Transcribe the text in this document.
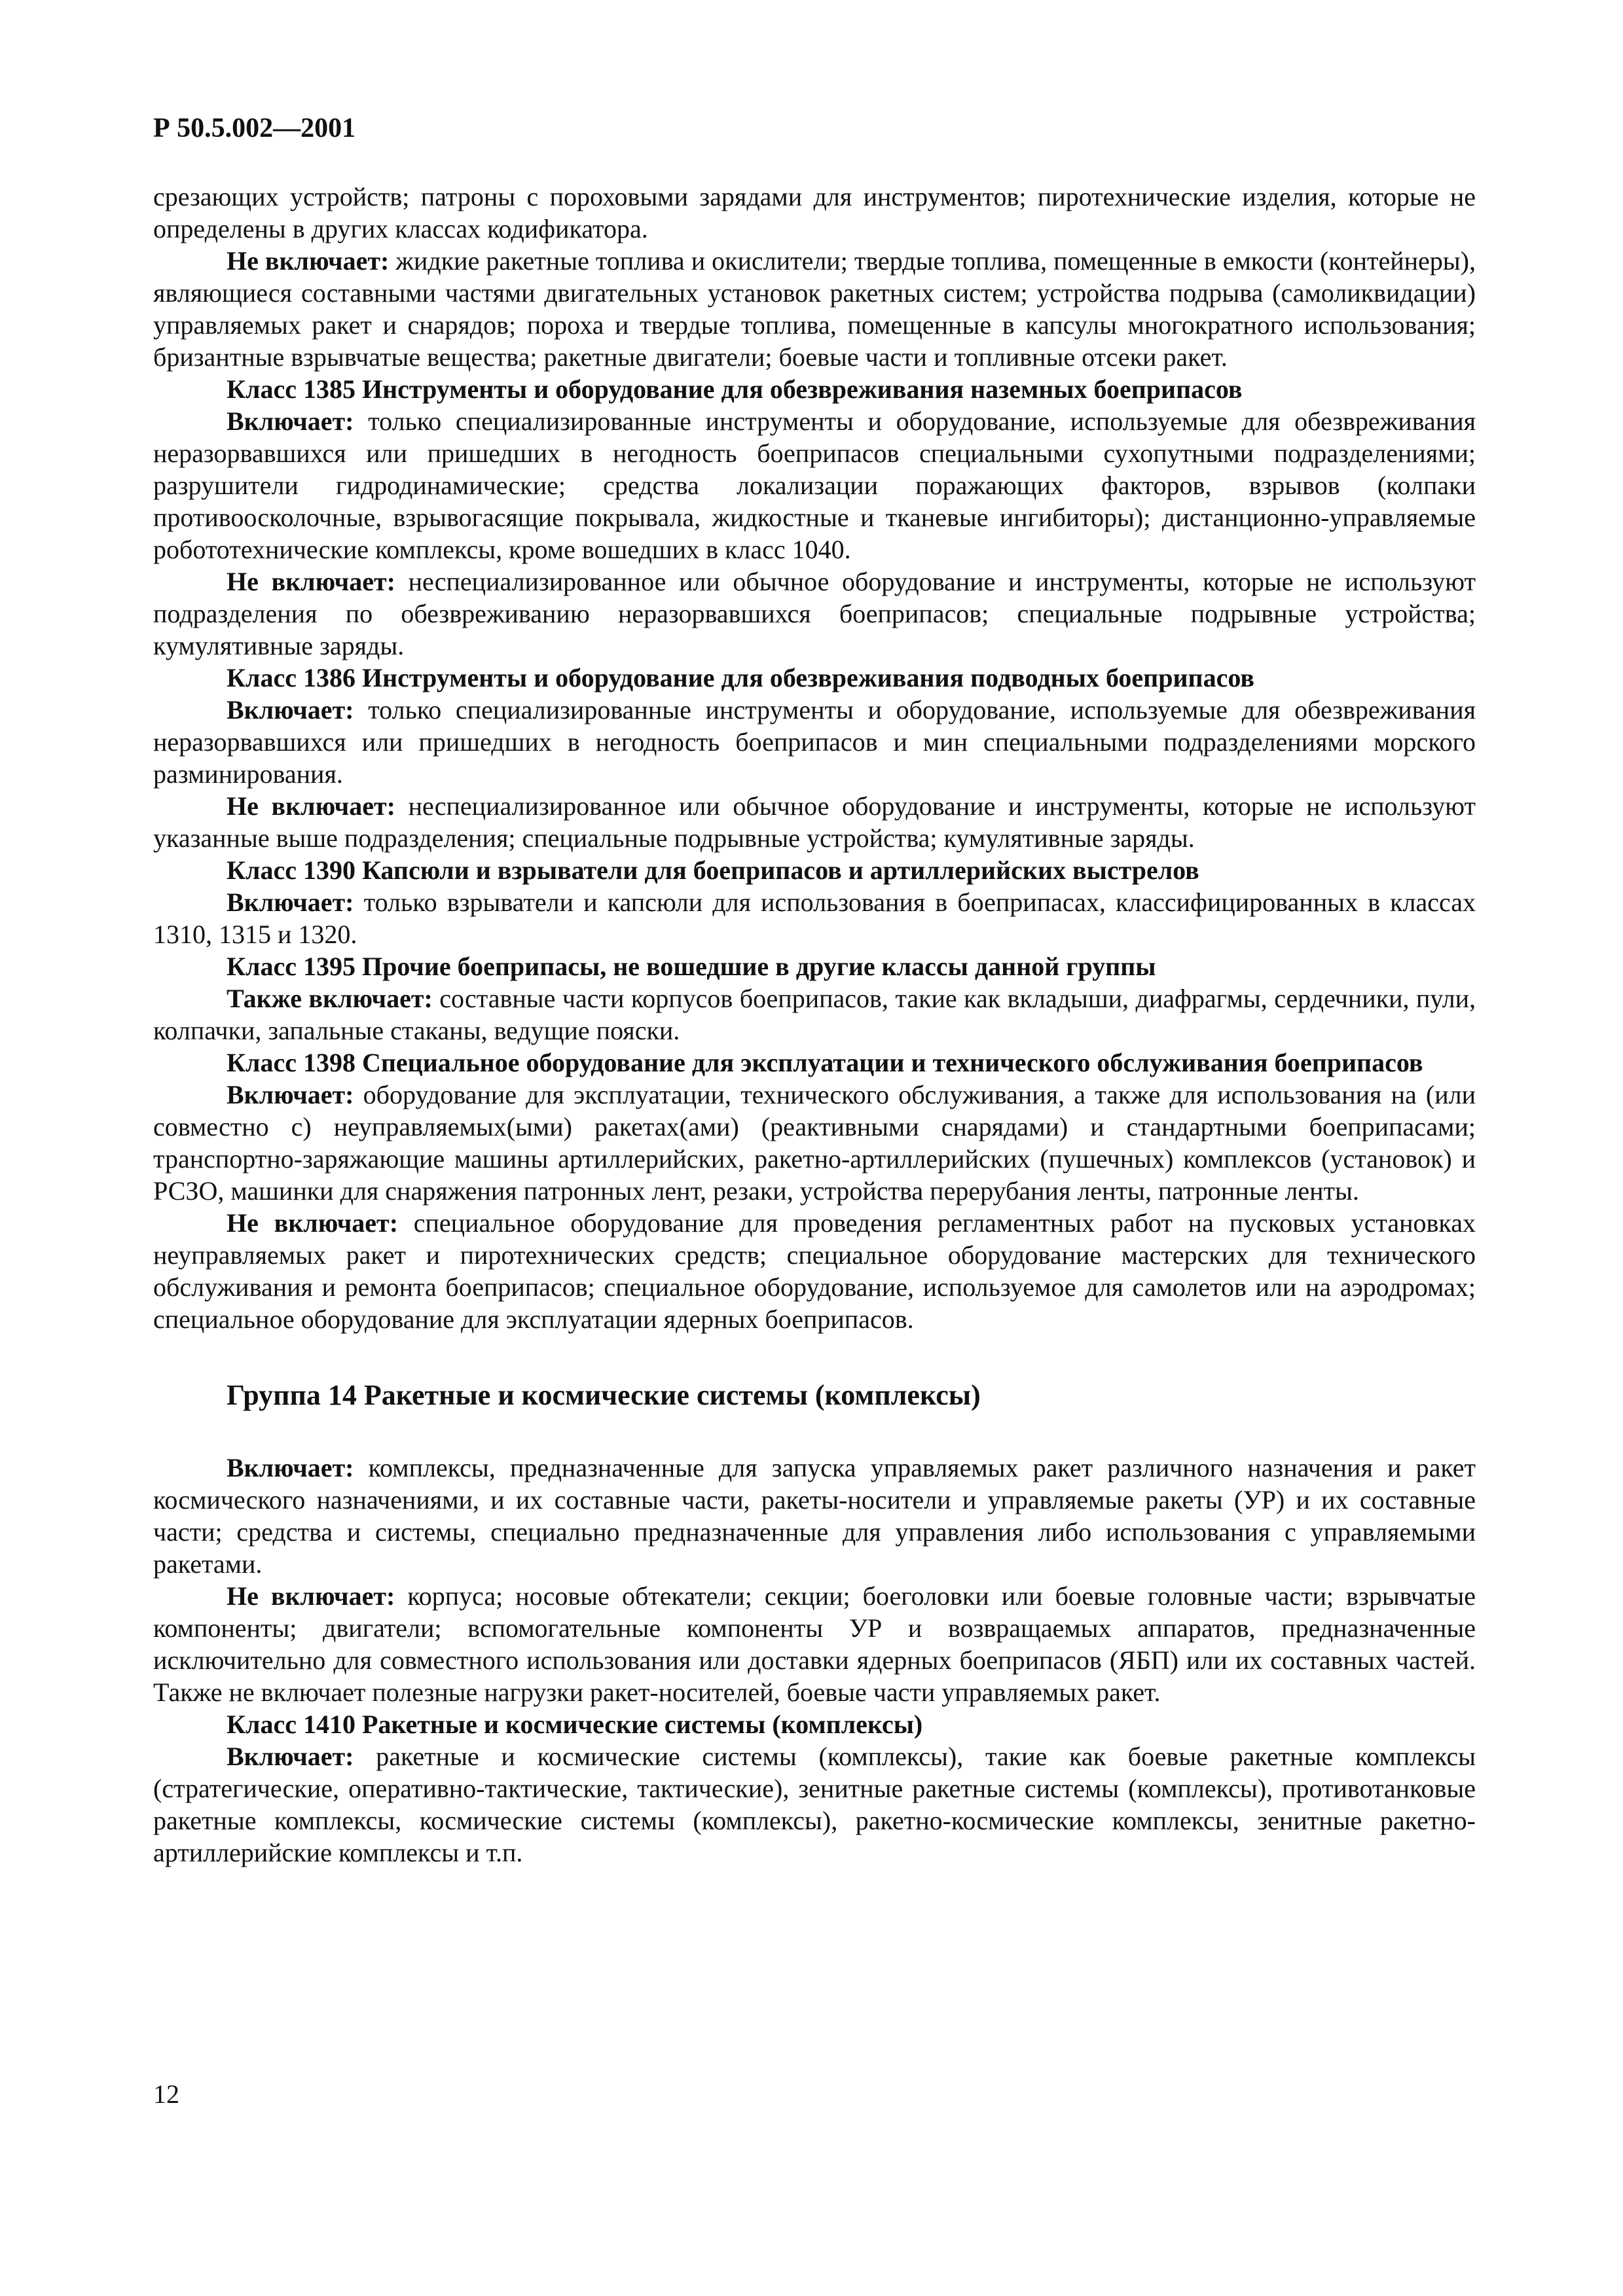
Р 50.5.002—2001

срезающих устройств; патроны с пороховыми зарядами для инструментов; пиротехнические изделия, которые не определены в других классах кодификатора.

Не включает: жидкие ракетные топлива и окислители; твердые топлива, помещенные в емкости (контейнеры), являющиеся составными частями двигательных установок ракетных систем; устройства подрыва (самоликвидации) управляемых ракет и снарядов; пороха и твердые топлива, помещенные в капсулы многократного использования; бризантные взрывчатые вещества; ракетные двигатели; боевые части и топливные отсеки ракет.

Класс 1385 Инструменты и оборудование для обезвреживания наземных боеприпасов

Включает: только специализированные инструменты и оборудование, используемые для обезвреживания неразорвавшихся или пришедших в негодность боеприпасов специальными сухопутными подразделениями; разрушители гидродинамические; средства локализации поражающих факторов, взрывов (колпаки противоосколочные, взрывогасящие покрывала, жидкостные и тканевые ингибиторы); дистанционно-управляемые робототехнические комплексы, кроме вошедших в класс 1040.

Не включает: неспециализированное или обычное оборудование и инструменты, которые не используют подразделения по обезвреживанию неразорвавшихся боеприпасов; специальные подрывные устройства; кумулятивные заряды.

Класс 1386 Инструменты и оборудование для обезвреживания подводных боеприпасов

Включает: только специализированные инструменты и оборудование, используемые для обезвреживания неразорвавшихся или пришедших в негодность боеприпасов и мин специальными подразделениями морского разминирования.

Не включает: неспециализированное или обычное оборудование и инструменты, которые не используют указанные выше подразделения; специальные подрывные устройства; кумулятивные заряды.

Класс 1390 Капсюли и взрыватели для боеприпасов и артиллерийских выстрелов

Включает: только взрыватели и капсюли для использования в боеприпасах, классифицированных в классах 1310, 1315 и 1320.

Класс 1395 Прочие боеприпасы, не вошедшие в другие классы данной группы

Также включает: составные части корпусов боеприпасов, такие как вкладыши, диафрагмы, сердечники, пули, колпачки, запальные стаканы, ведущие пояски.

Класс 1398 Специальное оборудование для эксплуатации и технического обслуживания боеприпасов

Включает: оборудование для эксплуатации, технического обслуживания, а также для использования на (или совместно с) неуправляемых(ыми) ракетах(ами) (реактивными снарядами) и стандартными боеприпасами; транспортно-заряжающие машины артиллерийских, ракетно-артиллерийских (пушечных) комплексов (установок) и РСЗО, машинки для снаряжения патронных лент, резаки, устройства перерубания ленты, патронные ленты.

Не включает: специальное оборудование для проведения регламентных работ на пусковых установках неуправляемых ракет и пиротехнических средств; специальное оборудование мастерских для технического обслуживания и ремонта боеприпасов; специальное оборудование, используемое для самолетов или на аэродромах; специальное оборудование для эксплуатации ядерных боеприпасов.

Группа 14 Ракетные и космические системы (комплексы)

Включает: комплексы, предназначенные для запуска управляемых ракет различного назначения и ракет космического назначениями, и их составные части, ракеты-носители и управляемые ракеты (УР) и их составные части; средства и системы, специально предназначенные для управления либо использования с управляемыми ракетами.

Не включает: корпуса; носовые обтекатели; секции; боеголовки или боевые головные части; взрывчатые компоненты; двигатели; вспомогательные компоненты УР и возвращаемых аппаратов, предназначенные исключительно для совместного использования или доставки ядерных боеприпасов (ЯБП) или их составных частей. Также не включает полезные нагрузки ракет-носителей, боевые части управляемых ракет.

Класс 1410 Ракетные и космические системы (комплексы)

Включает: ракетные и космические системы (комплексы), такие как боевые ракетные комплексы (стратегические, оперативно-тактические, тактические), зенитные ракетные системы (комплексы), противотанковые ракетные комплексы, космические системы (комплексы), ракетно-космические комплексы, зенитные ракетно-артиллерийские комплексы и т.п.

12
